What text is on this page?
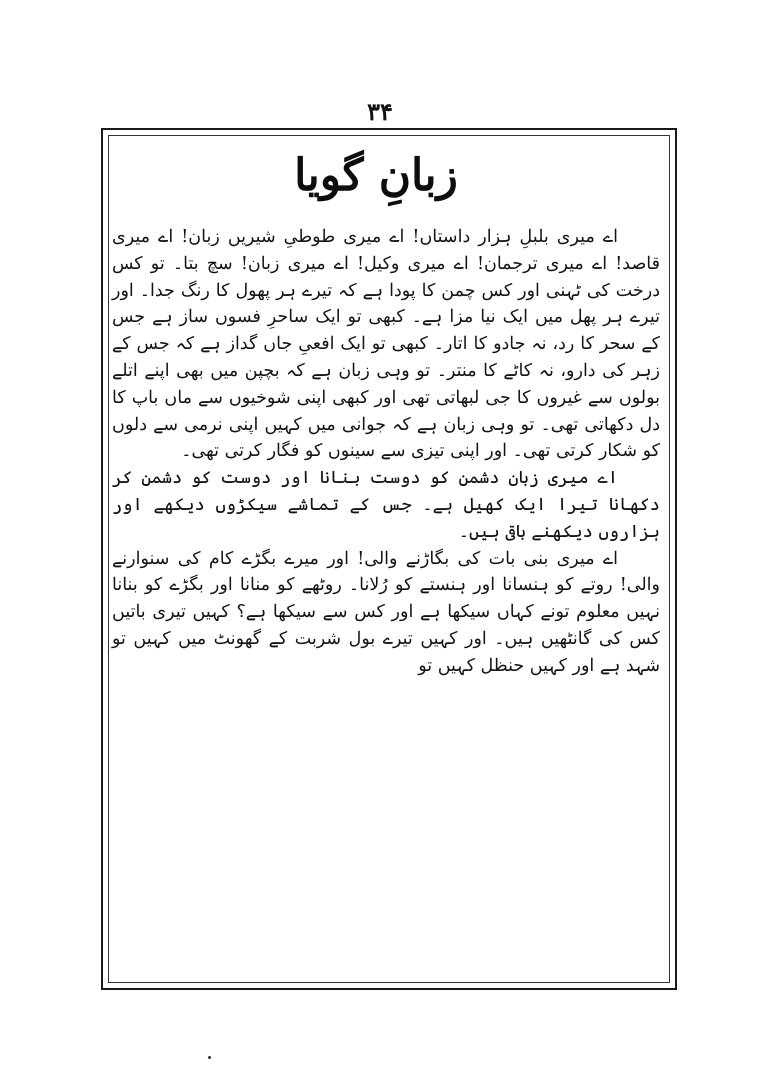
۳۴
زبانِ گویا

اے میری بلبلِ ہزار داستاں! اے میری طوطیِ شیریں زبان! اے میری قاصد! اے میری ترجمان! اے میری وکیل! اے میری زبان! سچ بتا۔ تو کس درخت کی ٹہنی اور کس چمن کا پودا ہے کہ تیرے ہر پھول کا رنگ جدا۔ اور تیرے ہر پھل میں ایک نیا مزا ہے۔ کبھی تو ایک ساحرِ فسوں ساز ہے جس کے سحر کا رد، نہ جادو کا اتار۔ کبھی تو ایک افعیِ جاں گداز ہے کہ جس کے زہر کی دارو، نہ کاٹے کا منتر۔ تو وہی زبان ہے کہ بچپن میں بھی اپنے اتلے بولوں سے غیروں کا جی لبھاتی تھی اور کبھی اپنی شوخیوں سے ماں باپ کا دل دکھاتی تھی۔ تو وہی زبان ہے کہ جوانی میں کہیں اپنی نرمی سے دلوں کو شکار کرتی تھی۔ اور اپنی تیزی سے سینوں کو فگار کرتی تھی۔

اے میری زبان دشمن کو دوست بنانا اور دوست کو دشمن کر دکھانا تیرا ایک کھیل ہے۔ جس کے تماشے سیکڑوں دیکھے اور ہزاروں دیکھنے باقی ہیں۔

اے میری بنی بات کی بگاڑنے والی! اور میرے بگڑے کام کی سنوارنے والی! روتے کو ہنسانا اور ہنستے کو رُلانا۔ روٹھے کو منانا اور بگڑے کو بنانا نہیں معلوم تونے کہاں سیکھا ہے اور کس سے سیکھا ہے؟ کہیں تیری باتیں کس کی گانٹھیں ہیں۔ اور کہیں تیرے بول شربت کے گھونٹ میں کہیں تو شہد ہے اور کہیں حنظل کہیں تو
